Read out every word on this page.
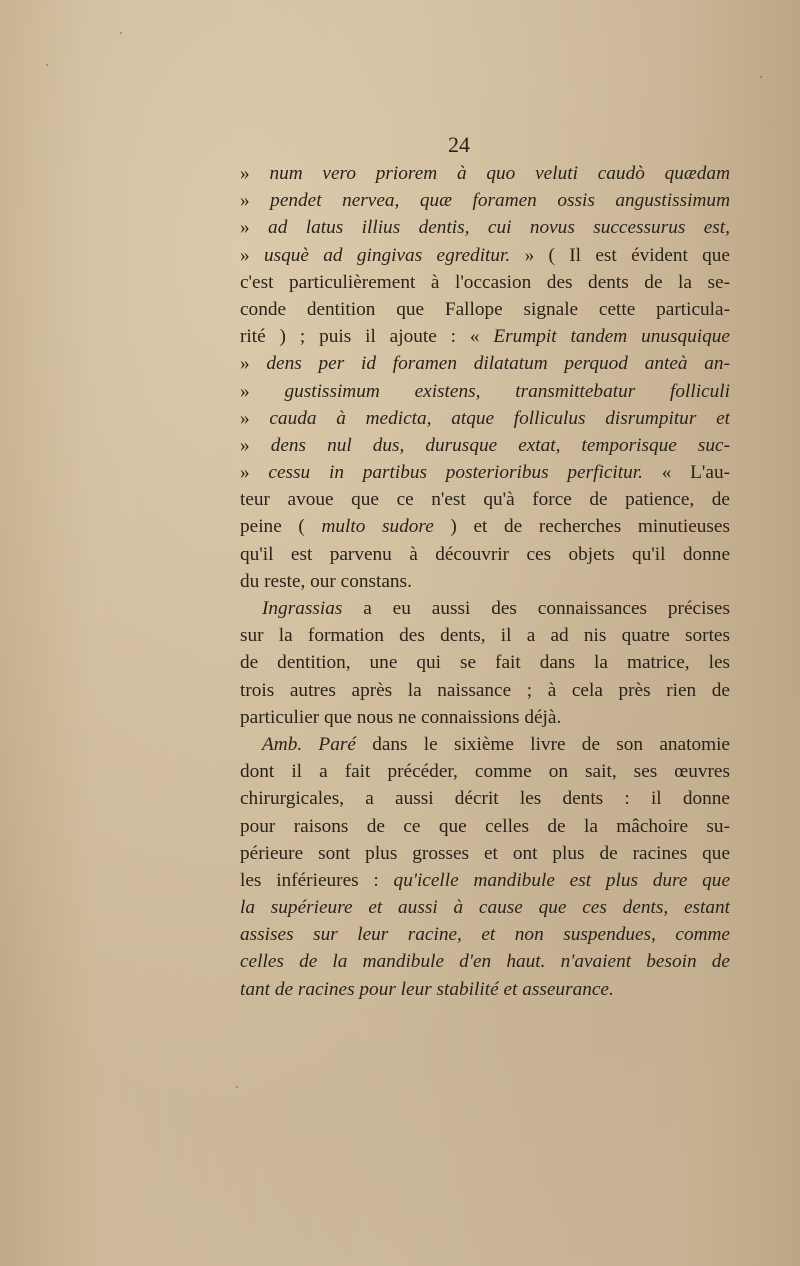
24
» num vero priorem à quo veluti caudò quædam
» pendet nervea, quæ foramen ossis angustissimum
» ad latus illius dentis, cui novus successurus est,
» usquè ad gingivas egreditur. » ( Il est évident que
c'est particulièrement à l'occasion des dents de la se-
conde dentition que Fallope signale cette particula-
rité ) ; puis il ajoute : « Erumpit tandem unusquique
» dens per id foramen dilatatum perquod anteà an-
» gustissimum existens, transmittebatur folliculi
» cauda à medicta, atque folliculus disrumpitur et
» dens nul dus, durusque extat, temporisque suc-
» cessu in partibus posterioribus perficitur. « L'au-
teur avoue que ce n'est qu'à force de patience, de
peine ( multo sudore ) et de recherches minutieuses
qu'il est parvenu à découvrir ces objets qu'il donne
du reste, our constans.
Ingrassias a eu aussi des connaissances précises
sur la formation des dents, il a ad nis quatre sortes
de dentition, une qui se fait dans la matrice, les
trois autres après la naissance ; à cela près rien de
particulier que nous ne connaissions déjà.
Amb. Paré dans le sixième livre de son anatomie
dont il a fait précéder, comme on sait, ses œuvres
chirurgicales, a aussi décrit les dents : il donne
pour raisons de ce que celles de la mâchoire su-
périeure sont plus grosses et ont plus de racines que
les inférieures : qu'icelle mandibule est plus dure que
la supérieure et aussi à cause que ces dents, estant
assises sur leur racine, et non suspendues, comme
celles de la mandibule d'en haut. n'avaient besoin de
tant de racines pour leur stabilité et asseurance.
